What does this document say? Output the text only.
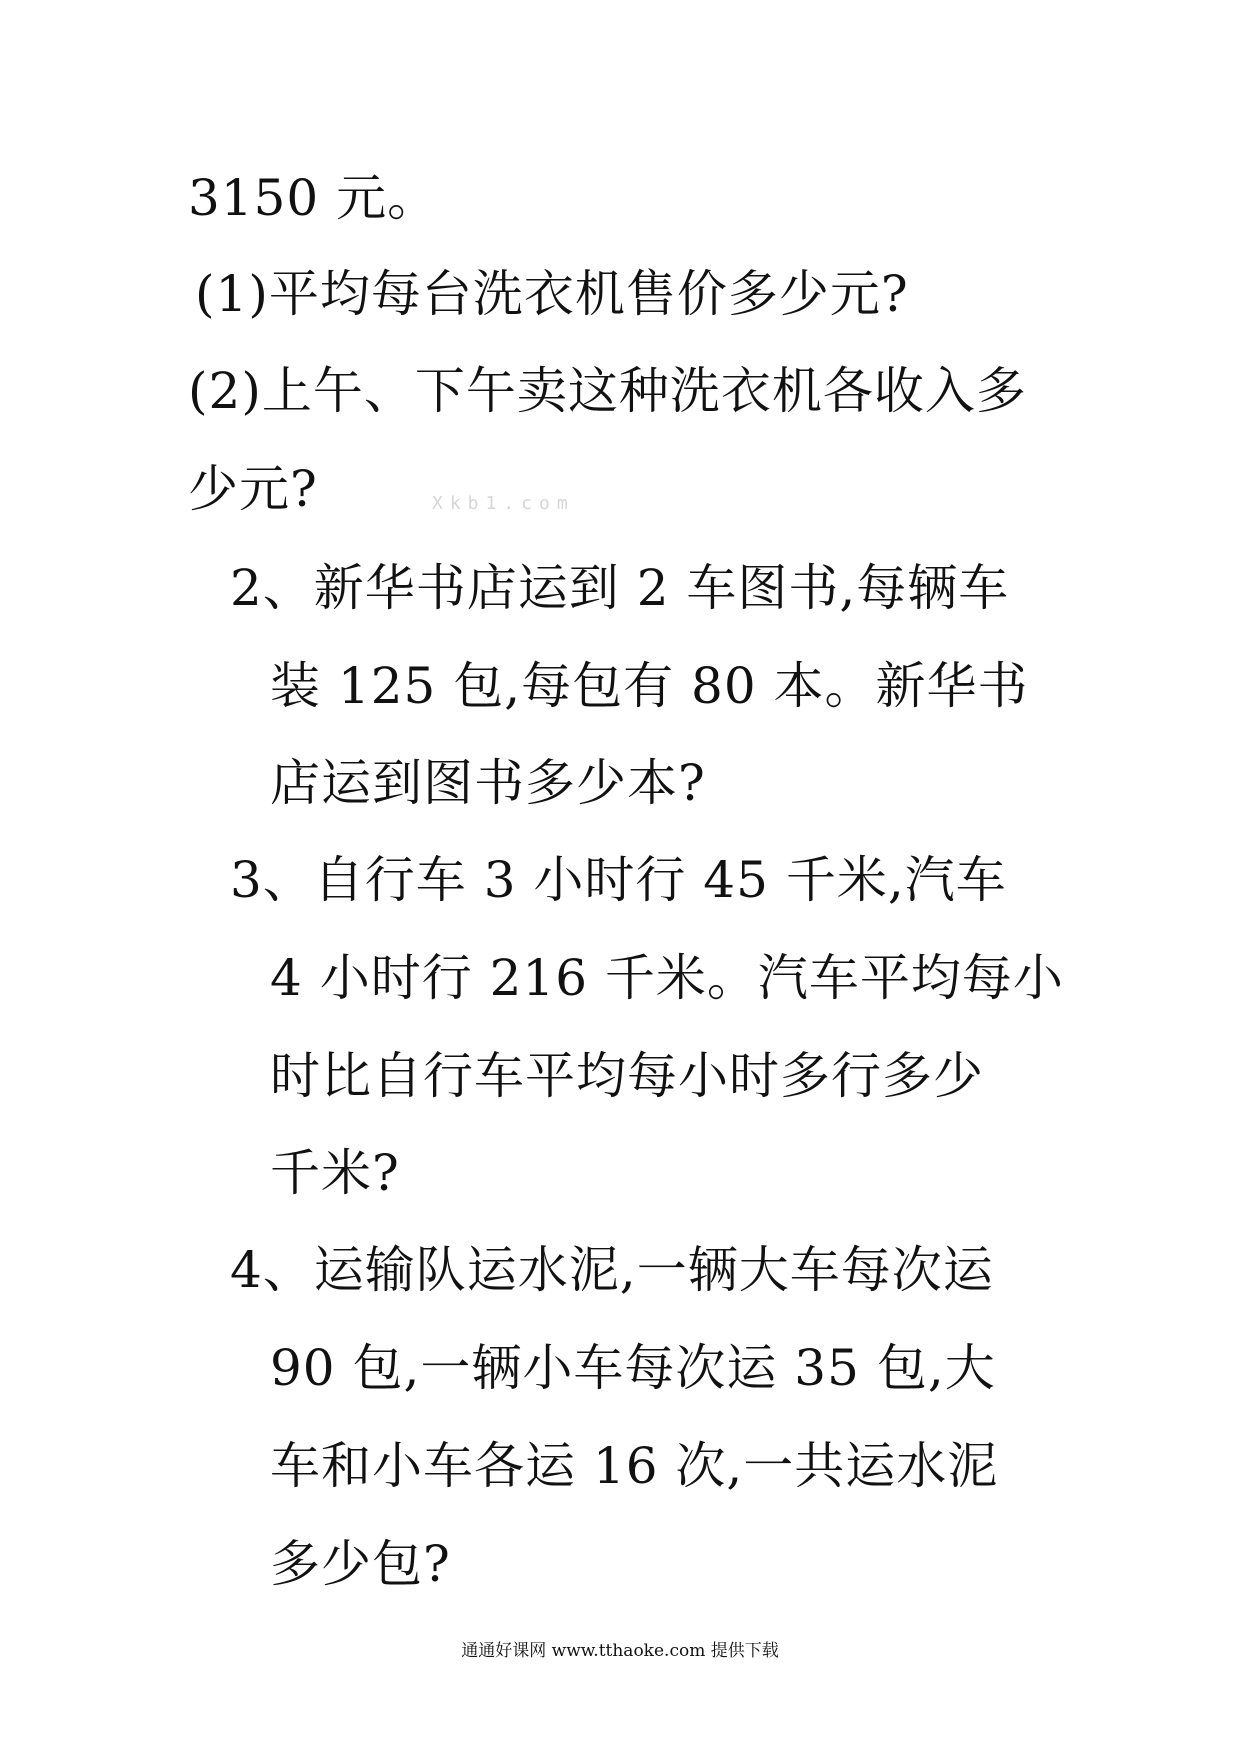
3150 元。
(1)平均每台洗衣机售价多少元?
(2)上午、下午卖这种洗衣机各收入多
少元?	Xkb1.com
2、新华书店运到 2 车图书,每辆车
装 125 包,每包有 80 本。新华书
店运到图书多少本?
3、自行车 3 小时行 45 千米,汽车
4 小时行 216 千米。汽车平均每小
时比自行车平均每小时多行多少
千米?
4、运输队运水泥,一辆大车每次运
90 包,一辆小车每次运 35 包,大
车和小车各运 16 次,一共运水泥
多少包?
通通好课网 www.tthaoke.com 提供下载
